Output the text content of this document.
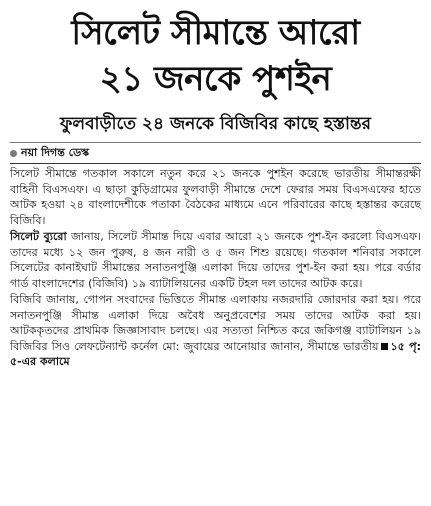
সিলেট সীমান্তে আরো
২১ জনকে পুশইন
ফুলবাড়ীতে ২৪ জনকে বিজিবির কাছে হস্তান্তর
নয়া দিগন্ত ডেস্ক

সিলেট সীমান্তে গতকাল সকালে নতুন করে ২১ জনকে পুশইন করেছে ভারতীয় সীমান্তরক্ষী বাহিনী বিএসএফ। এ ছাড়া কুড়িগ্রামের ফুলবাড়ী সীমান্তে দেশে ফেরার সময় বিএসএফের হাতে আটক হওয়া ২৪ বাংলাদেশীকে পতাকা বৈঠকের মাধ্যমে এনে পরিবারের কাছে হস্তান্তর করেছে বিজিবি।

সিলেট ব্যুরো জানায়, সিলেট সীমান্ত দিয়ে এবার আরো ২১ জনকে পুশ-ইন করলো বিএসএফ। তাদের মধ্যে ১২ জন পুরুষ, ৪ জন নারী ও ৫ জন শিশু রয়েছে। গতকাল শনিবার সকালে সিলেটের কানাইঘাট সীমান্তের সনাতনপুঞ্জি এলাকা দিয়ে তাদের পুশ-ইন করা হয়। পরে বর্ডার গার্ড বাংলাদেশের (বিজিবি) ১৯ ব্যাটালিয়নের একটি টহল দল তাদের আটক করে।

বিজিবি জানায়, গোপন সংবাদের ভিত্তিতে সীমান্ত এলাকায় নজরদারি জোরদার করা হয়। পরে সনাতনপুঞ্জি সীমান্ত এলাকা দিয়ে অবৈধ অনুপ্রবেশের সময় তাদের আটক করা হয়। আটককৃতদের প্রাথমিক জিজ্ঞাসাবাদ চলছে। এর সত্যতা নিশ্চিত করে জকিগঞ্জ ব্যাটালিয়ন ১৯ বিজিবির সিও লেফটেন্যান্ট কর্নেল মো: জুবায়ের আনোয়ার জানান, সীমান্তে ভারতীয় ১৫ পৃ: ৫-এর কলামে
